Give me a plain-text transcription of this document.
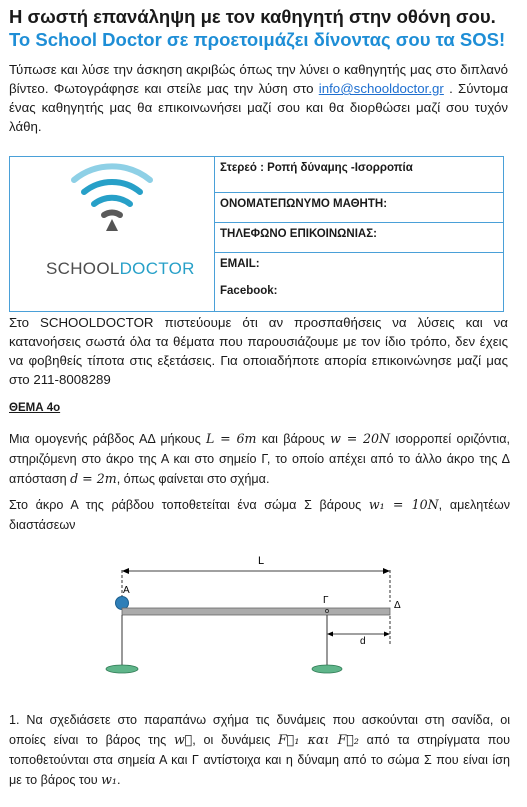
Η σωστή επανάληψη με τον καθηγητή στην οθόνη σου.
To School Doctor σε προετοιμάζει δίνοντας σου τα SOS!
Τύπωσε και λύσε την άσκηση ακριβώς όπως την λύνει ο καθηγητής μας στο διπλανό βίντεο. Φωτογράφησε και στείλε μας την λύση στο info@schooldoctor.gr . Σύντομα ένας καθηγητής μας θα επικοινωνήσει μαζί σου και θα διορθώσει μαζί σου τυχόν λάθη.
SCHOOLDOCTOR
Στερεό : Ροπή δύναμης -Ισορροπία
ΟΝΟΜΑΤΕΠΩΝΥΜΟ ΜΑΘΗΤΗ:
ΤΗΛΕΦΩΝΟ ΕΠΙΚΟΙΝΩΝΙΑΣ:
EMAIL:
Facebook:
Στο SCHOOLDOCTOR πιστεύουμε ότι αν προσπαθήσεις να λύσεις και να κατανοήσεις σωστά όλα τα θέματα που παρουσιάζουμε με τον ίδιο τρόπο, δεν έχεις να φοβηθείς τίποτα στις εξετάσεις. Για οποιαδήποτε απορία επικοινώνησε μαζί μας στο 211-8008289
ΘΕΜΑ 4ο
Μια ομογενής ράβδος ΑΔ μήκους L = 6m και βάρους w = 20N ισορροπεί οριζόντια, στηριζόμενη στο άκρο της Α και στο σημείο Γ, το οποίο απέχει από το άλλο άκρο της Δ απόσταση d = 2m, όπως φαίνεται στο σχήμα.
Στο άκρο Α της ράβδου τοποθετείται ένα σώμα Σ βάρους w₁ = 10N, αμελητέων διαστάσεων
L
Α
Δ
Γ
d
1. Να σχεδιάσετε στο παραπάνω σχήμα τις δυνάμεις που ασκούνται στη σανίδα, οι οποίες είναι το βάρος της w⃗, οι δυνάμεις F⃗₁ και F⃗₂ από τα στηρίγματα που τοποθετούνται στα σημεία Α και Γ αντίστοιχα και η δύναμη από το σώμα Σ που είναι ίση με το βάρος του w₁.
